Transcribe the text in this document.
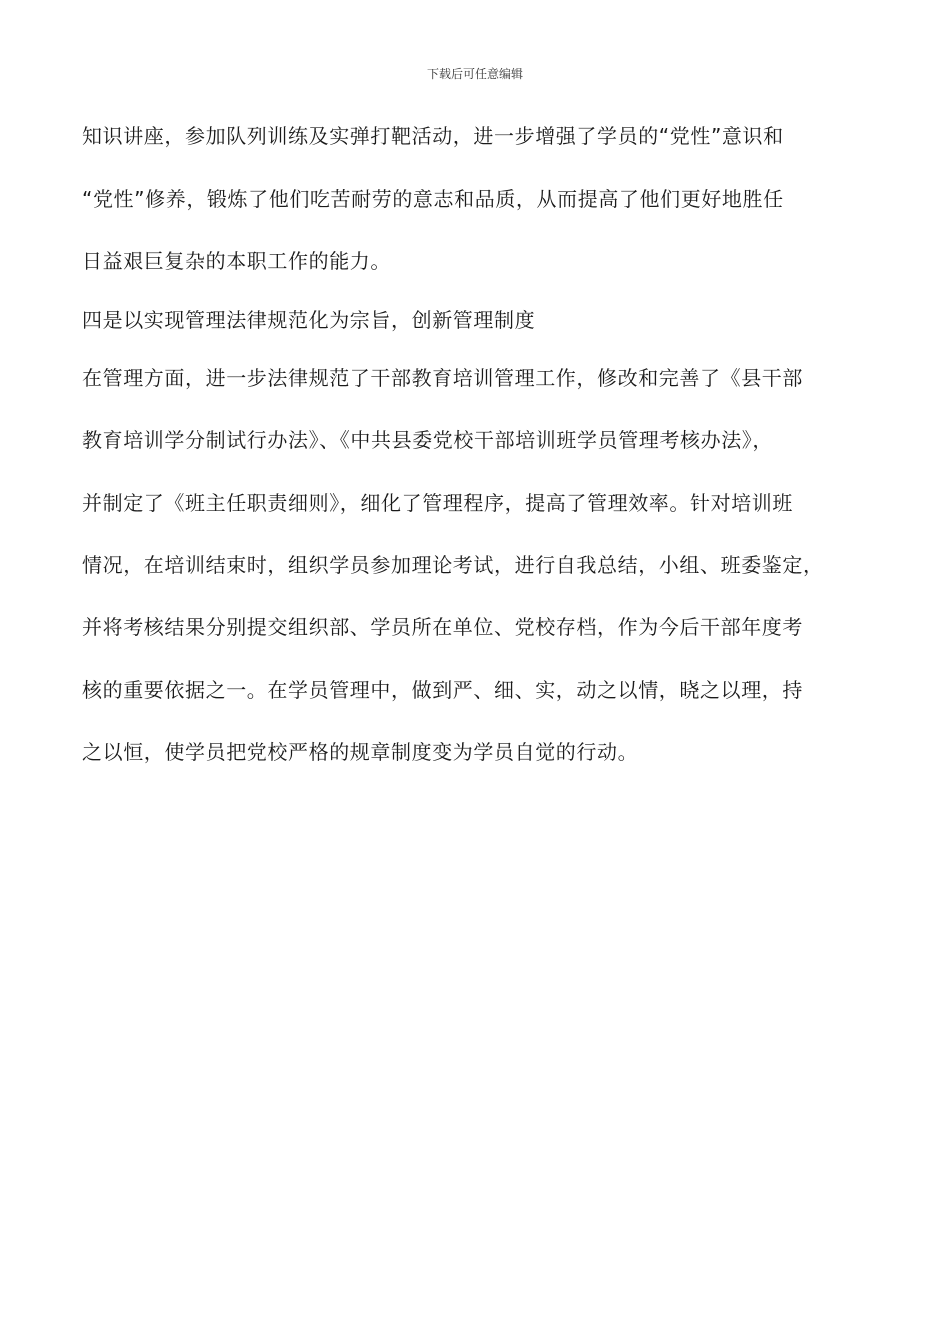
下载后可任意编辑
知识讲座，参加队列训练及实弹打靶活动，进一步增强了学员的“党性”意识和
“党性”修养，锻炼了他们吃苦耐劳的意志和品质，从而提高了他们更好地胜任
日益艰巨复杂的本职工作的能力。
四是以实现管理法律规范化为宗旨，创新管理制度
在管理方面，进一步法律规范了干部教育培训管理工作，修改和完善了《县干部
教育培训学分制试行办法》、《中共县委党校干部培训班学员管理考核办法》，
并制定了《班主任职责细则》，细化了管理程序，提高了管理效率。针对培训班
情况，在培训结束时，组织学员参加理论考试，进行自我总结，小组、班委鉴定，
并将考核结果分别提交组织部、学员所在单位、党校存档，作为今后干部年度考
核的重要依据之一。在学员管理中，做到严、细、实，动之以情，晓之以理，持
之以恒，使学员把党校严格的规章制度变为学员自觉的行动。
